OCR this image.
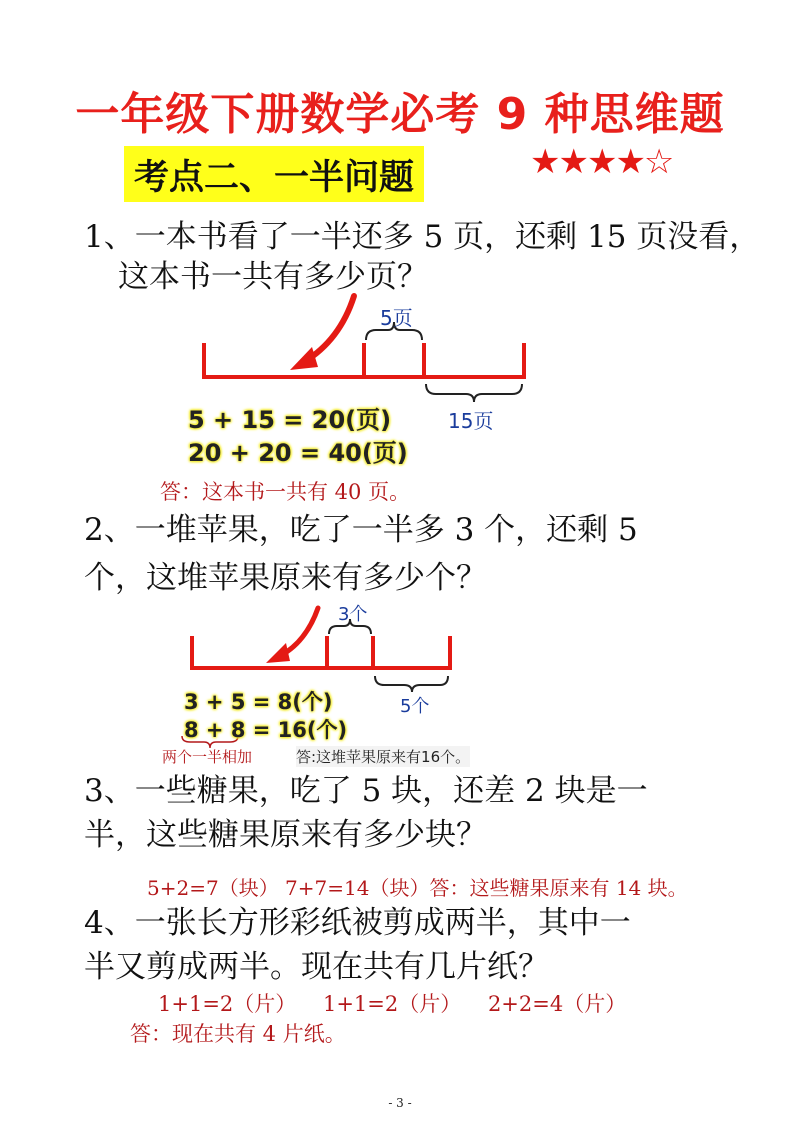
一年级下册数学必考 9 种思维题
考点二、一半问题	★★★★☆
1、一本书看了一半还多 5 页，还剩 15 页没看，
这本书一共有多少页？
5页
15页
5 + 15 = 20(页)
20 + 20 = 40(页)
答：这本书一共有 40 页。
2、一堆苹果，吃了一半多 3 个，还剩 5
个，这堆苹果原来有多少个？
3个
5个
3 + 5 = 8(个)
8 + 8 = 16(个)
两个一半相加	答:这堆苹果原来有16个。
3、一些糖果，吃了 5 块，还差 2 块是一
半，这些糖果原来有多少块？
5+2=7（块） 7+7=14（块）答：这些糖果原来有 14 块。
4、一张长方形彩纸被剪成两半，其中一
半又剪成两半。现在共有几片纸？
1+1=2（片）    1+1=2（片）    2+2=4（片）
答：现在共有 4 片纸。
- 3 -
